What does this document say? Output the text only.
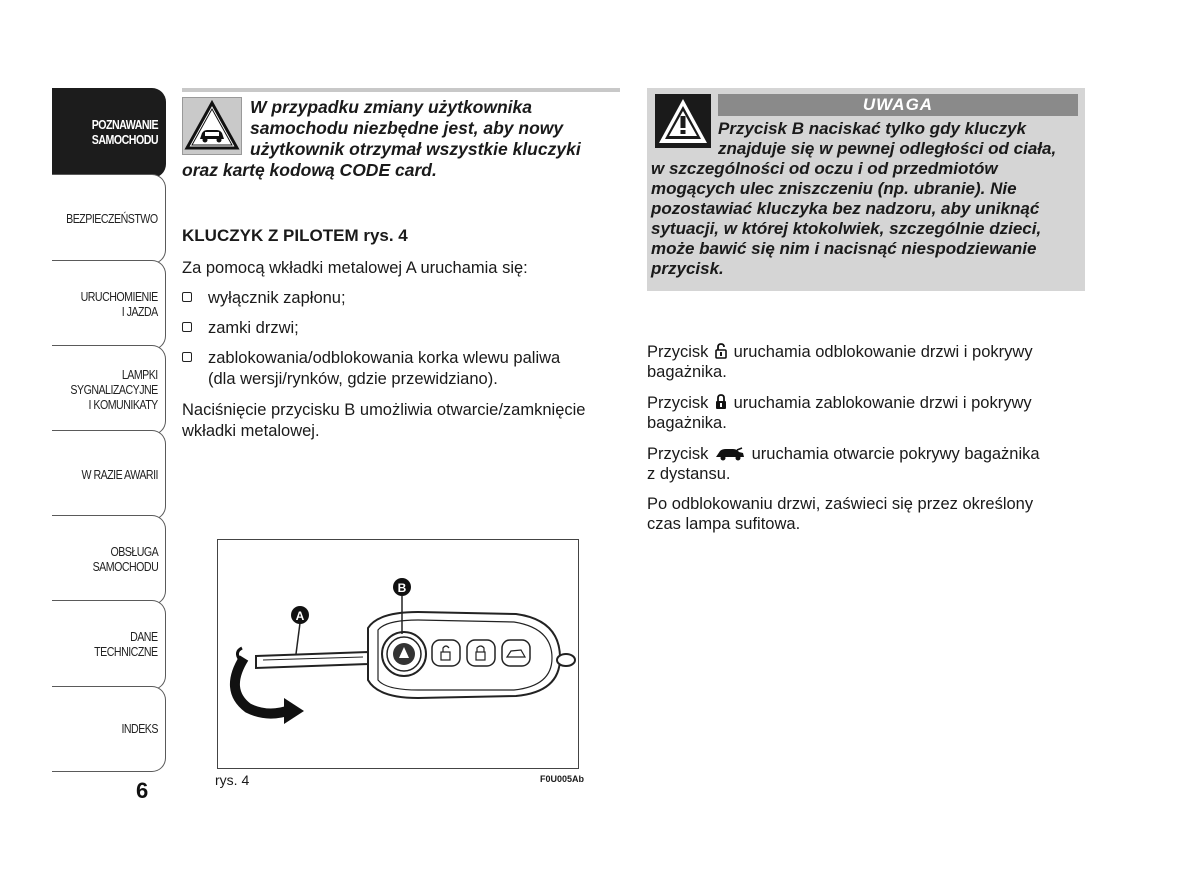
POZNAWANIE
SAMOCHODU
BEZPIECZEŃSTWO
URUCHOMIENIE
I JAZDA
LAMPKI
SYGNALIZACYJNE
I KOMUNIKATY
W RAZIE AWARII
OBSŁUGA
SAMOCHODU
DANE
TECHNICZNE
INDEKS
6
W przypadku zmiany użytkownika
samochodu niezbędne jest, aby nowy
użytkownik otrzymał wszystkie kluczyki
oraz kartę kodową CODE card.
KLUCZYK Z PILOTEM rys. 4
Za pomocą wkładki metalowej A uruchamia się:
wyłącznik zapłonu;
zamki drzwi;
zablokowania/odblokowania korka wlewu paliwa
(dla wersji/rynków, gdzie przewidziano).
Naciśnięcie przycisku B umożliwia otwarcie/zamknięcie
wkładki metalowej.
A
B
rys. 4	F0U005Ab
UWAGA
Przycisk B naciskać tylko gdy kluczyk
znajduje się w pewnej odległości od ciała,
w szczególności od oczu i od przedmiotów
mogących ulec zniszczeniu (np. ubranie). Nie
pozostawiać kluczyka bez nadzoru, aby uniknąć
sytuacji, w której ktokolwiek, szczególnie dzieci,
może bawić się nim i nacisnąć niespodziewanie
przycisk.
Przycisk uruchamia odblokowanie drzwi i pokrywy
bagażnika.
Przycisk uruchamia zablokowanie drzwi i pokrywy
bagażnika.
Przycisk	uruchamia otwarcie pokrywy bagażnika
z dystansu.
Po odblokowaniu drzwi, zaświeci się przez określony
czas lampa sufitowa.
